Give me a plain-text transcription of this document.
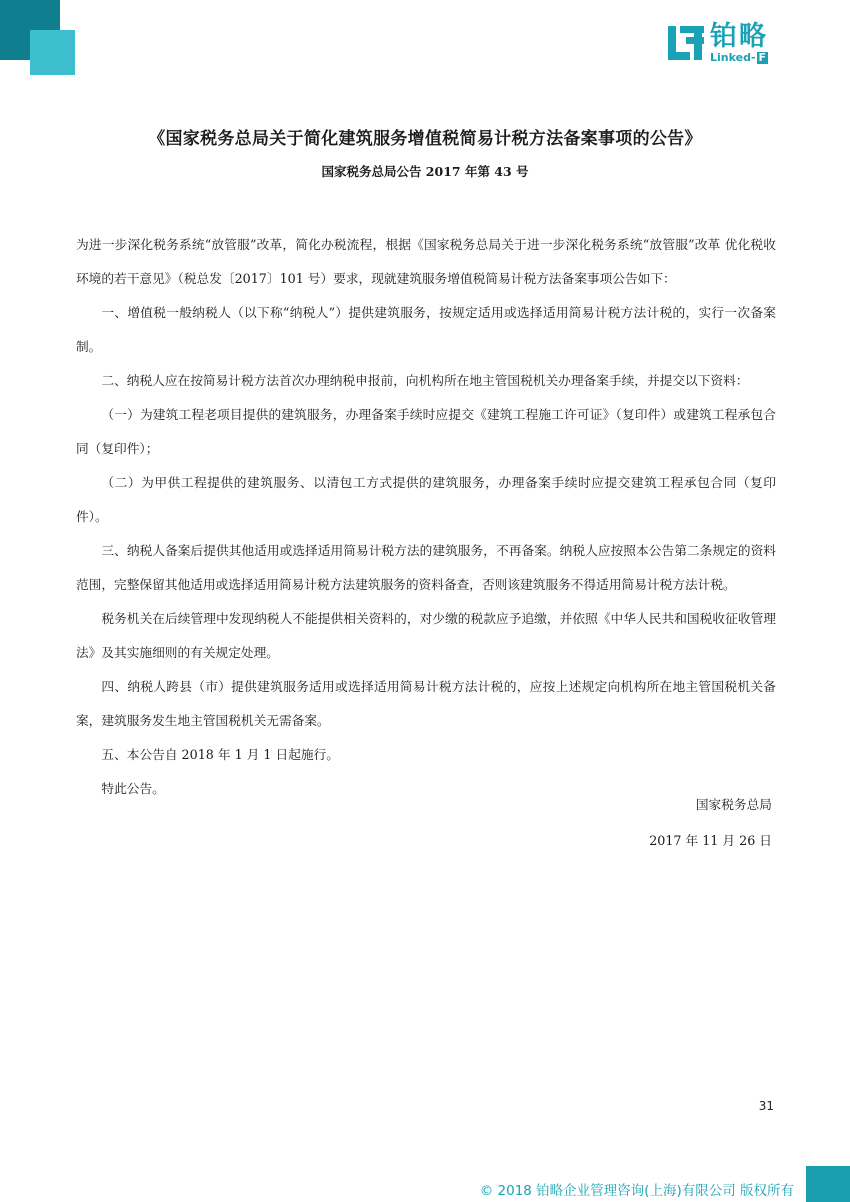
铂略
Linked- F
《国家税务总局关于简化建筑服务增值税简易计税方法备案事项的公告》
国家税务总局公告 2017 年第 43 号

为进一步深化税务系统“放管服”改革，简化办税流程，根据《国家税务总局关于进一步深化税务系统“放管服”改革 优化税收环境的若干意见》（税总发〔2017〕101 号）要求，现就建筑服务增值税简易计税方法备案事项公告如下：

一、增值税一般纳税人（以下称“纳税人”）提供建筑服务，按规定适用或选择适用简易计税方法计税的，实行一次备案制。

二、纳税人应在按简易计税方法首次办理纳税申报前，向机构所在地主管国税机关办理备案手续，并提交以下资料：

（一）为建筑工程老项目提供的建筑服务，办理备案手续时应提交《建筑工程施工许可证》（复印件）或建筑工程承包合同（复印件）；

（二）为甲供工程提供的建筑服务、以清包工方式提供的建筑服务，办理备案手续时应提交建筑工程承包合同（复印件）。

三、纳税人备案后提供其他适用或选择适用简易计税方法的建筑服务，不再备案。纳税人应按照本公告第二条规定的资料范围，完整保留其他适用或选择适用简易计税方法建筑服务的资料备查，否则该建筑服务不得适用简易计税方法计税。

税务机关在后续管理中发现纳税人不能提供相关资料的，对少缴的税款应予追缴，并依照《中华人民共和国税收征收管理法》及其实施细则的有关规定处理。

四、纳税人跨县（市）提供建筑服务适用或选择适用简易计税方法计税的，应按上述规定向机构所在地主管国税机关备案，建筑服务发生地主管国税机关无需备案。

五、本公告自 2018 年 1 月 1 日起施行。

特此公告。

国家税务总局
2017 年 11 月 26 日
31
© 2018 铂略企业管理咨询(上海)有限公司 版权所有
